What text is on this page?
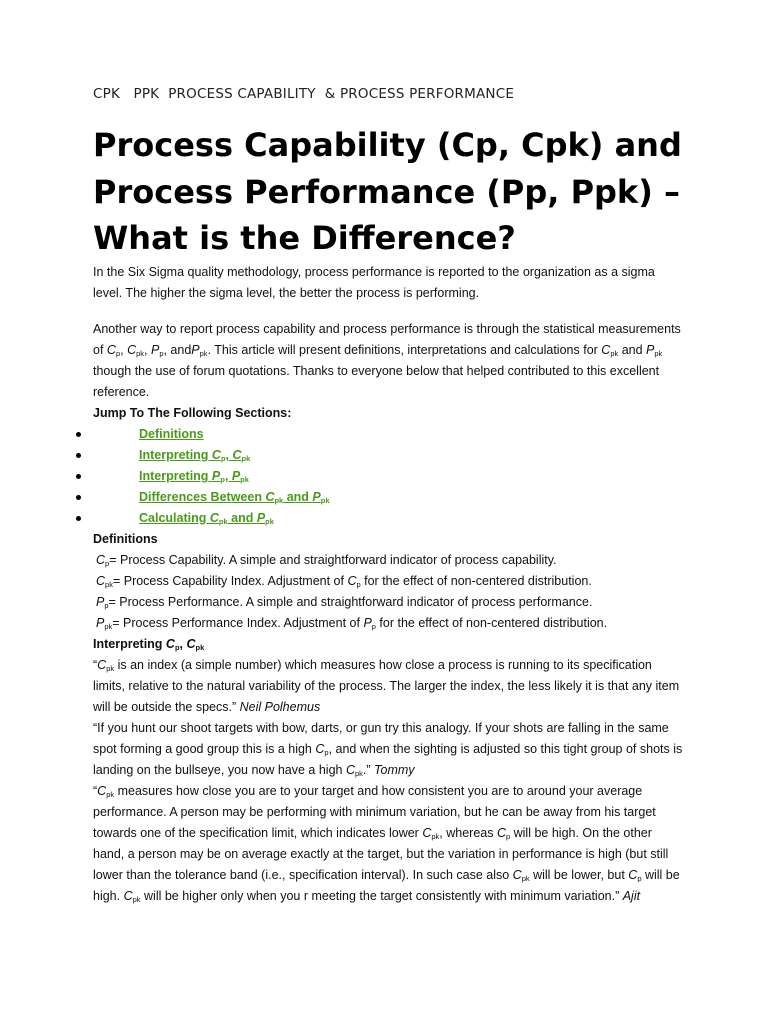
CPK   PPK  PROCESS CAPABILITY  & PROCESS PERFORMANCE
Process Capability (Cp, Cpk) and Process Performance (Pp, Ppk) – What is the Difference?

In the Six Sigma quality methodology, process performance is reported to the organization as a sigma level. The higher the sigma level, the better the process is performing.

Another way to report process capability and process performance is through the statistical measurements of $C_p$, $C_{pk}$, $P_p$, andP$_{pk}$. This article will present definitions, interpretations and calculations for $C_{pk}$ and $P_{pk}$ though the use of forum quotations. Thanks to everyone below that helped contributed to this excellent reference.

Jump To The Following Sections:

Definitions
Interpreting $C_p$, $C_{pk}$
Interpreting $P_p$, $P_{pk}$
Differences Between $C_{pk}$ and $P_{pk}$
Calculating $C_{pk}$ and $P_{pk}$

Definitions

$C_p=$ Process Capability. A simple and straightforward indicator of process capability.

$C_{pk}=$ Process Capability Index. Adjustment of $C_p$ for the effect of non-centered distribution.

$P_p=$ Process Performance. A simple and straightforward indicator of process performance.

$P_{pk}=$ Process Performance Index. Adjustment of $P_p$ for the effect of non-centered distribution.

Interpreting $C_p$, $C_{pk}$

“$C_{pk}$ is an index (a simple number) which measures how close a process is running to its specification limits, relative to the natural variability of the process. The larger the index, the less likely it is that any item will be outside the specs.” Neil Polhemus

“If you hunt our shoot targets with bow, darts, or gun try this analogy. If your shots are falling in the same spot forming a good group this is a high $C_p$, and when the sighting is adjusted so this tight group of shots is landing on the bullseye, you now have a high $C_{pk}$.” Tommy

“$C_{pk}$ measures how close you are to your target and how consistent you are to around your average performance. A person may be performing with minimum variation, but he can be away from his target towards one of the specification limit, which indicates lower $C_{pk}$, whereas $C_p$ will be high. On the other hand, a person may be on average exactly at the target, but the variation in performance is high (but still lower than the tolerance band (i.e., specification interval). In such case also $C_{pk}$ will be lower, but $C_p$ will be high. $C_{pk}$ will be higher only when you r meeting the target consistently with minimum variation.” Ajit
